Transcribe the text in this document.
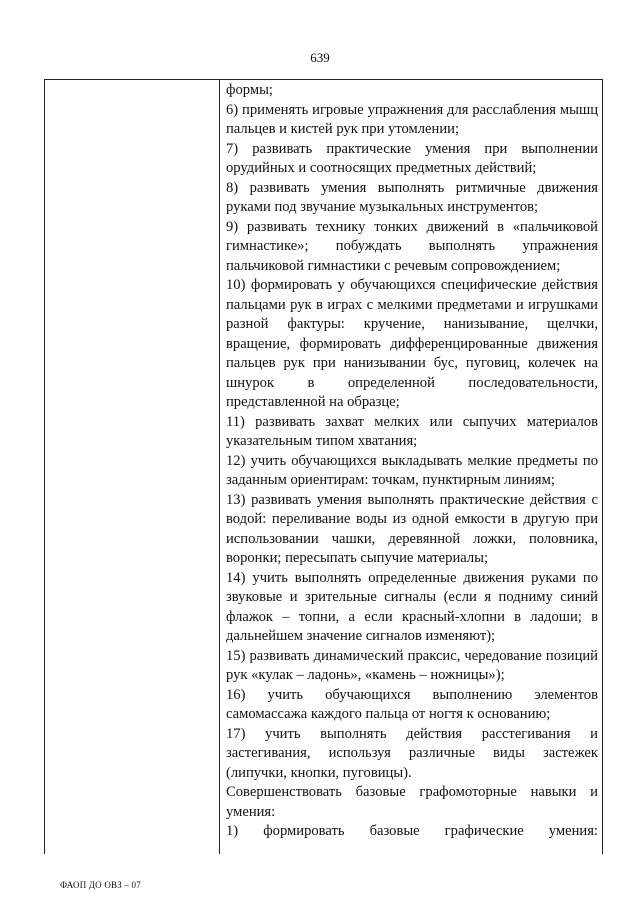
639

формы;

6) применять игровые упражнения для расслабления мышц пальцев и кистей рук при утомлении;

7) развивать практические умения при выполнении орудийных и соотносящих предметных действий;

8) развивать умения выполнять ритмичные движения руками под звучание музыкальных инструментов;

9) развивать технику тонких движений в «пальчиковой гимнастике»; побуждать выполнять упражнения пальчиковой гимнастики с речевым сопровождением;

10) формировать у обучающихся специфические действия пальцами рук в играх с мелкими предметами и игрушками разной фактуры: кручение, нанизывание, щелчки, вращение, формировать дифференцированные движения пальцев рук при нанизывании бус, пуговиц, колечек на шнурок в определенной последовательности, представленной на образце;

11) развивать захват мелких или сыпучих материалов указательным типом хватания;

12) учить обучающихся выкладывать мелкие предметы по заданным ориентирам: точкам, пунктирным линиям;

13) развивать умения выполнять практические действия с водой: переливание воды из одной емкости в другую при использовании чашки, деревянной ложки, половника, воронки; пересыпать сыпучие материалы;

14) учить выполнять определенные движения руками по звуковые и зрительные сигналы (если я подниму синий флажок – топни, а если красный-хлопни в ладоши; в дальнейшем значение сигналов изменяют);

15) развивать динамический праксис, чередование позиций рук «кулак – ладонь», «камень – ножницы»);

16) учить обучающихся выполнению элементов самомассажа каждого пальца от ногтя к основанию;

17) учить выполнять действия расстегивания и застегивания, используя различные виды застежек (липучки, кнопки, пуговицы).

Совершенствовать базовые графомоторные навыки и умения:

1) формировать базовые графические умения:

ФАОП ДО ОВЗ – 07
